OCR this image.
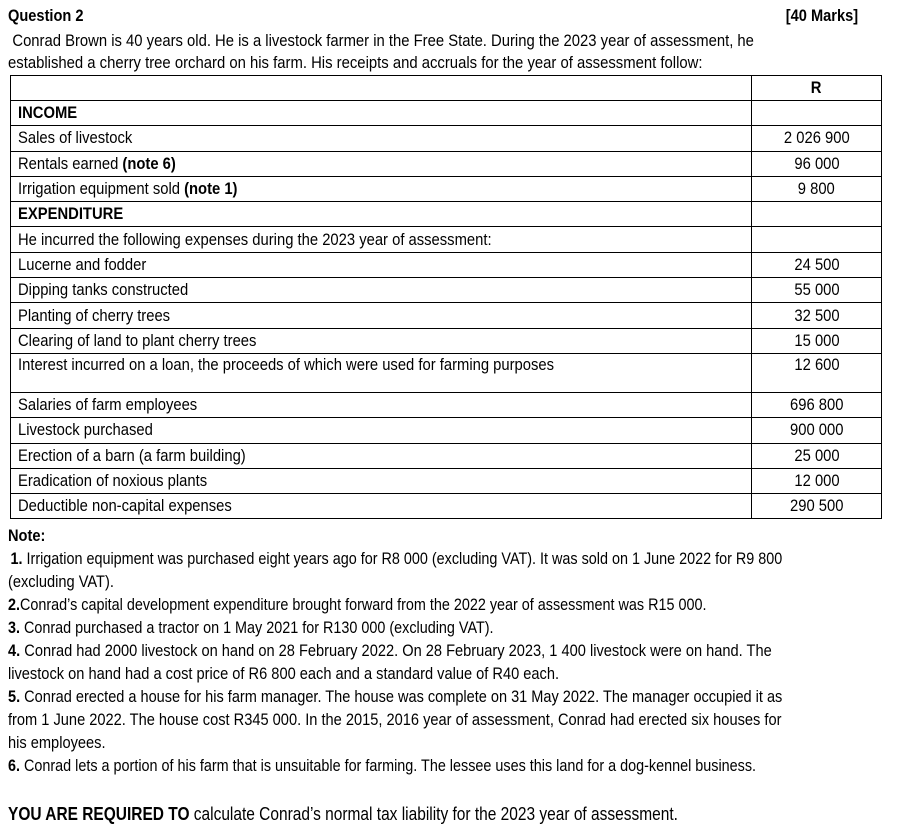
Question 2	[40 Marks]
Conrad Brown is 40 years old. He is a livestock farmer in the Free State. During the 2023 year of assessment, he
established a cherry tree orchard on his farm. His receipts and accruals for the year of assessment follow:
	R
INCOME	
Sales of livestock	2 026 900
Rentals earned (note 6)	96 000
Irrigation equipment sold (note 1)	9 800
EXPENDITURE	
He incurred the following expenses during the 2023 year of assessment:	
Lucerne and fodder	24 500
Dipping tanks constructed	55 000
Planting of cherry trees	32 500
Clearing of land to plant cherry trees	15 000
Interest incurred on a loan, the proceeds of which were used for farming purposes	12 600
Salaries of farm employees	696 800
Livestock purchased	900 000
Erection of a barn (a farm building)	25 000
Eradication of noxious plants	12 000
Deductible non-capital expenses	290 500
Note:
1. Irrigation equipment was purchased eight years ago for R8 000 (excluding VAT). It was sold on 1 June 2022 for R9 800
(excluding VAT).
2.Conrad’s capital development expenditure brought forward from the 2022 year of assessment was R15 000.
3. Conrad purchased a tractor on 1 May 2021 for R130 000 (excluding VAT).
4. Conrad had 2000 livestock on hand on 28 February 2022. On 28 February 2023, 1 400 livestock were on hand. The
livestock on hand had a cost price of R6 800 each and a standard value of R40 each.
5. Conrad erected a house for his farm manager. The house was complete on 31 May 2022. The manager occupied it as
from 1 June 2022. The house cost R345 000. In the 2015, 2016 year of assessment, Conrad had erected six houses for
his employees.
6. Conrad lets a portion of his farm that is unsuitable for farming. The lessee uses this land for a dog-kennel business.
YOU ARE REQUIRED TO calculate Conrad’s normal tax liability for the 2023 year of assessment.
